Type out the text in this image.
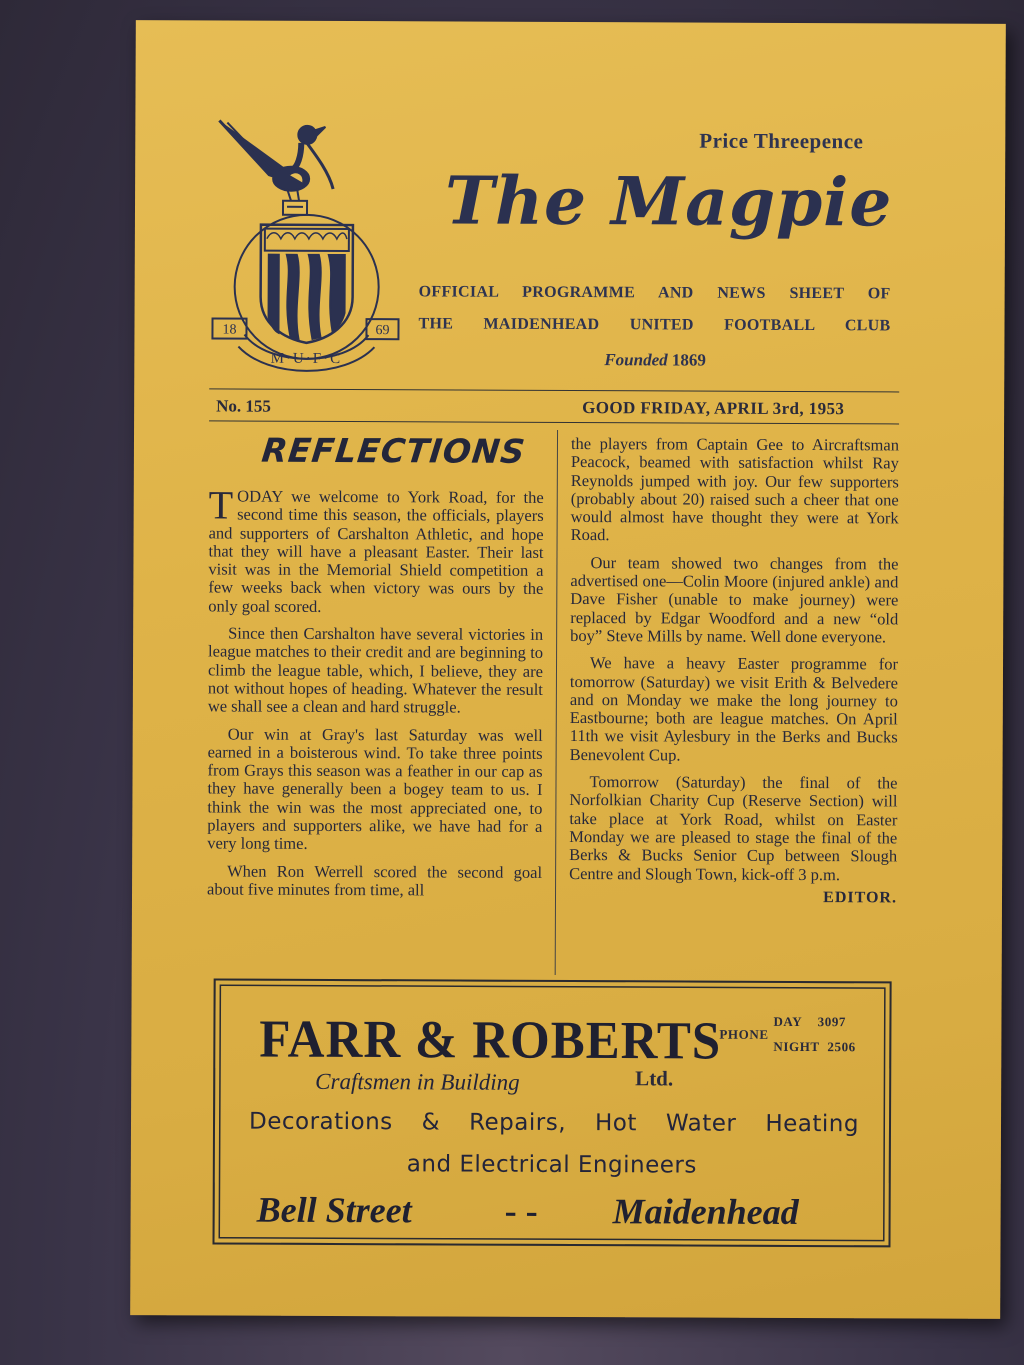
18	69
M·U·F·C
Price Threepence
The Magpie
OFFICIAL PROGRAMME AND NEWS SHEET OF
THE MAIDENHEAD UNITED FOOTBALL CLUB
Founded 1869
No. 155	GOOD FRIDAY, APRIL 3rd, 1953
REFLECTIONS

TODAY we welcome to York Road, for the second time this season, the officials, players and supporters of Carshalton Athletic, and hope that they will have a pleasant Easter. Their last visit was in the Memorial Shield competition a few weeks back when victory was ours by the only goal scored.

Since then Carshalton have several victories in league matches to their credit and are beginning to climb the league table, which, I believe, they are not without hopes of heading. Whatever the result we shall see a clean and hard struggle.

Our win at Gray's last Saturday was well earned in a boisterous wind. To take three points from Grays this season was a feather in our cap as they have generally been a bogey team to us. I think the win was the most appreciated one, to players and supporters alike, we have had for a very long time.

When Ron Werrell scored the second goal about five minutes from time, all

the players from Captain Gee to Aircraftsman Peacock, beamed with satisfaction whilst Ray Reynolds jumped with joy. Our few supporters (probably about 20) raised such a cheer that one would almost have thought they were at York Road.

Our team showed two changes from the advertised one—Colin Moore (injured ankle) and Dave Fisher (unable to make journey) were replaced by Edgar Woodford and a new “old boy” Steve Mills by name. Well done everyone.

We have a heavy Easter programme for tomorrow (Saturday) we visit Erith & Belvedere and on Monday we make the long journey to Eastbourne; both are league matches. On April 11th we visit Aylesbury in the Berks and Bucks Benevolent Cup.

Tomorrow (Saturday) the final of the Norfolkian Charity Cup (Reserve Section) will take place at York Road, whilst on Easter Monday we are pleased to stage the final of the Berks & Bucks Senior Cup between Slough Centre and Slough Town, kick-off 3 p.m.

EDITOR.
FARR & ROBERTS
PHONE
DAY 3097
NIGHT 2506
Craftsmen in Building	Ltd.
Decorations & Repairs, Hot Water Heating
and Electrical Engineers
Bell Street	- - Maidenhead
